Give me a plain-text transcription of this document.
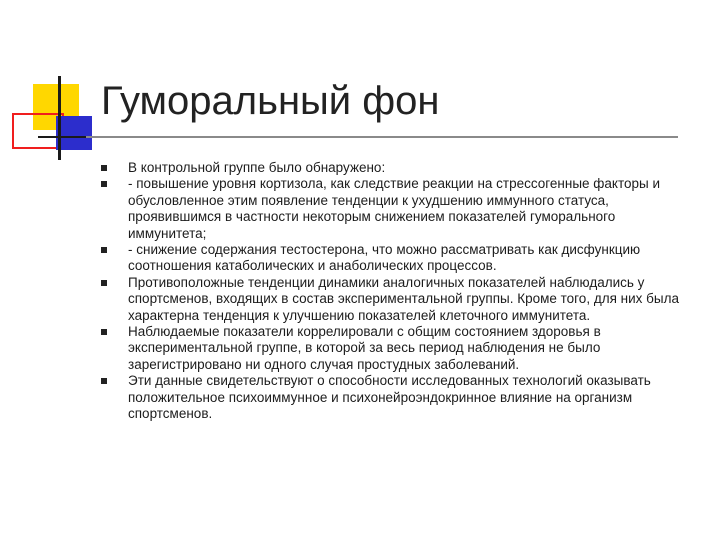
Гуморальный фон
В контрольной группе было обнаружено:
- повышение уровня кортизола, как следствие реакции на стрессогенные факторы и обусловленное этим появление тенденции к ухудшению иммунного статуса, проявившимся в частности некоторым снижением показателей гуморального иммунитета;
- снижение содержания тестостерона, что можно рассматривать как дисфункцию соотношения катаболических и анаболических процессов.
Противоположные тенденции динамики аналогичных показателей наблюдались у спортсменов, входящих в состав экспериментальной группы. Кроме того, для них была характерна тенденция к улучшению показателей клеточного иммунитета.
Наблюдаемые показатели коррелировали с общим состоянием здоровья в экспериментальной группе, в которой за весь период наблюдения не было зарегистрировано ни одного случая простудных заболеваний.
Эти данные свидетельствуют о способности исследованных технологий оказывать положительное психоиммунное и психонейроэндокринное влияние на организм спортсменов.
